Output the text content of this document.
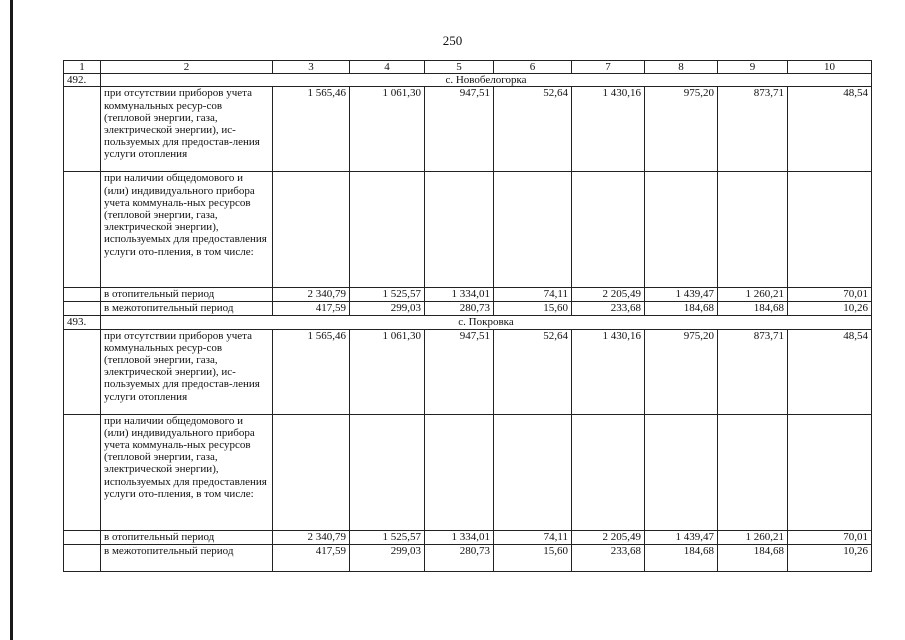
250
1	2	3	4	5	6	7	8	9	10
492.	с. Новобелогорка								
	при отсутствии приборов учета коммунальных ресур-сов (тепловой энергии, газа, электрической энергии), ис-пользуемых для предостав-ления услуги отопления	1 565,46	1 061,30	947,51	52,64	1 430,16	975,20	873,71	48,54
	при наличии общедомового и (или) индивидуального прибора учета коммуналь-ных ресурсов (тепловой энергии, газа, электрической энергии), используемых для предоставления услуги ото-пления, в том числе:								
	в отопительный период	2 340,79	1 525,57	1 334,01	74,11	2 205,49	1 439,47	1 260,21	70,01
	в межотопительный период	417,59	299,03	280,73	15,60	233,68	184,68	184,68	10,26
493.	с. Покровка								
	при отсутствии приборов учета коммунальных ресур-сов (тепловой энергии, газа, электрической энергии), ис-пользуемых для предостав-ления услуги отопления	1 565,46	1 061,30	947,51	52,64	1 430,16	975,20	873,71	48,54
	при наличии общедомового и (или) индивидуального прибора учета коммуналь-ных ресурсов (тепловой энергии, газа, электрической энергии), используемых для предоставления услуги ото-пления, в том числе:								
	в отопительный период	2 340,79	1 525,57	1 334,01	74,11	2 205,49	1 439,47	1 260,21	70,01
	в межотопительный период	417,59	299,03	280,73	15,60	233,68	184,68	184,68	10,26
